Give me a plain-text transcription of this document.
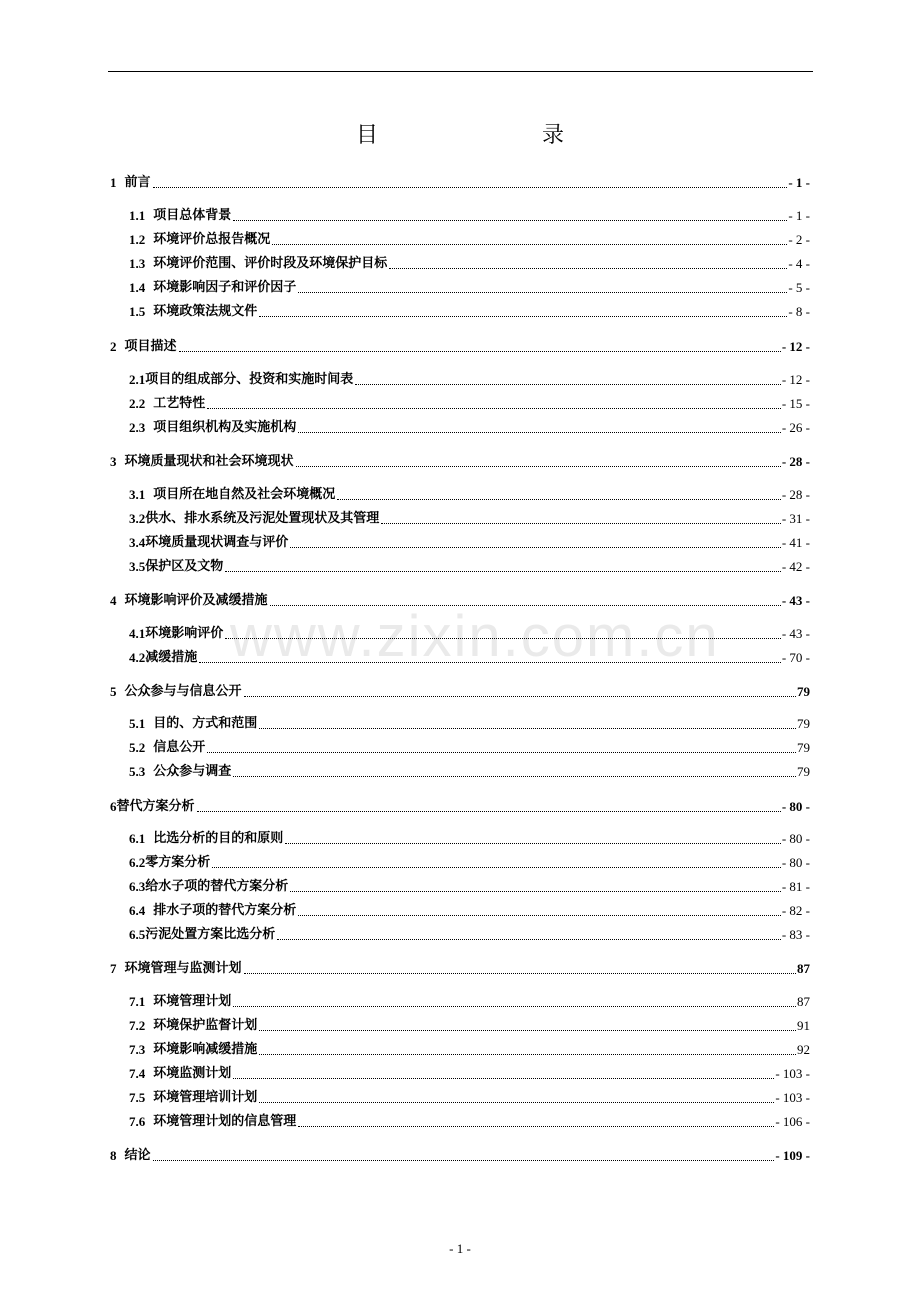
目　　录
www.zixin.com.cn
1 前言	- 1 -
1.1 项目总体背景	- 1 -
1.2 环境评价总报告概况	- 2 -
1.3 环境评价范围、评价时段及环境保护目标	- 4 -
1.4 环境影响因子和评价因子	- 5 -
1.5 环境政策法规文件	- 8 -
2 项目描述	- 12 -
2.1 项目的组成部分、投资和实施时间表	- 12 -
2.2 工艺特性	- 15 -
2.3 项目组织机构及实施机构	- 26 -
3 环境质量现状和社会环境现状	- 28 -
3.1 项目所在地自然及社会环境概况	- 28 -
3.2 供水、排水系统及污泥处置现状及其管理	- 31 -
3.4 环境质量现状调查与评价	- 41 -
3.5 保护区及文物	- 42 -
4 环境影响评价及减缓措施	- 43 -
4.1 环境影响评价	- 43 -
4.2 减缓措施	- 70 -
5 公众参与与信息公开	79
5.1 目的、方式和范围	79
5.2 信息公开	79
5.3 公众参与调查	79
6 替代方案分析	- 80 -
6.1 比选分析的目的和原则	- 80 -
6.2 零方案分析	- 80 -
6.3 给水子项的替代方案分析	- 81 -
6.4 排水子项的替代方案分析	- 82 -
6.5 污泥处置方案比选分析	- 83 -
7 环境管理与监测计划	87
7.1 环境管理计划	87
7.2 环境保护监督计划	91
7.3 环境影响减缓措施	92
7.4 环境监测计划	- 103 -
7.5 环境管理培训计划	- 103 -
7.6 环境管理计划的信息管理	- 106 -
8 结论	- 109 -
- 1 -
